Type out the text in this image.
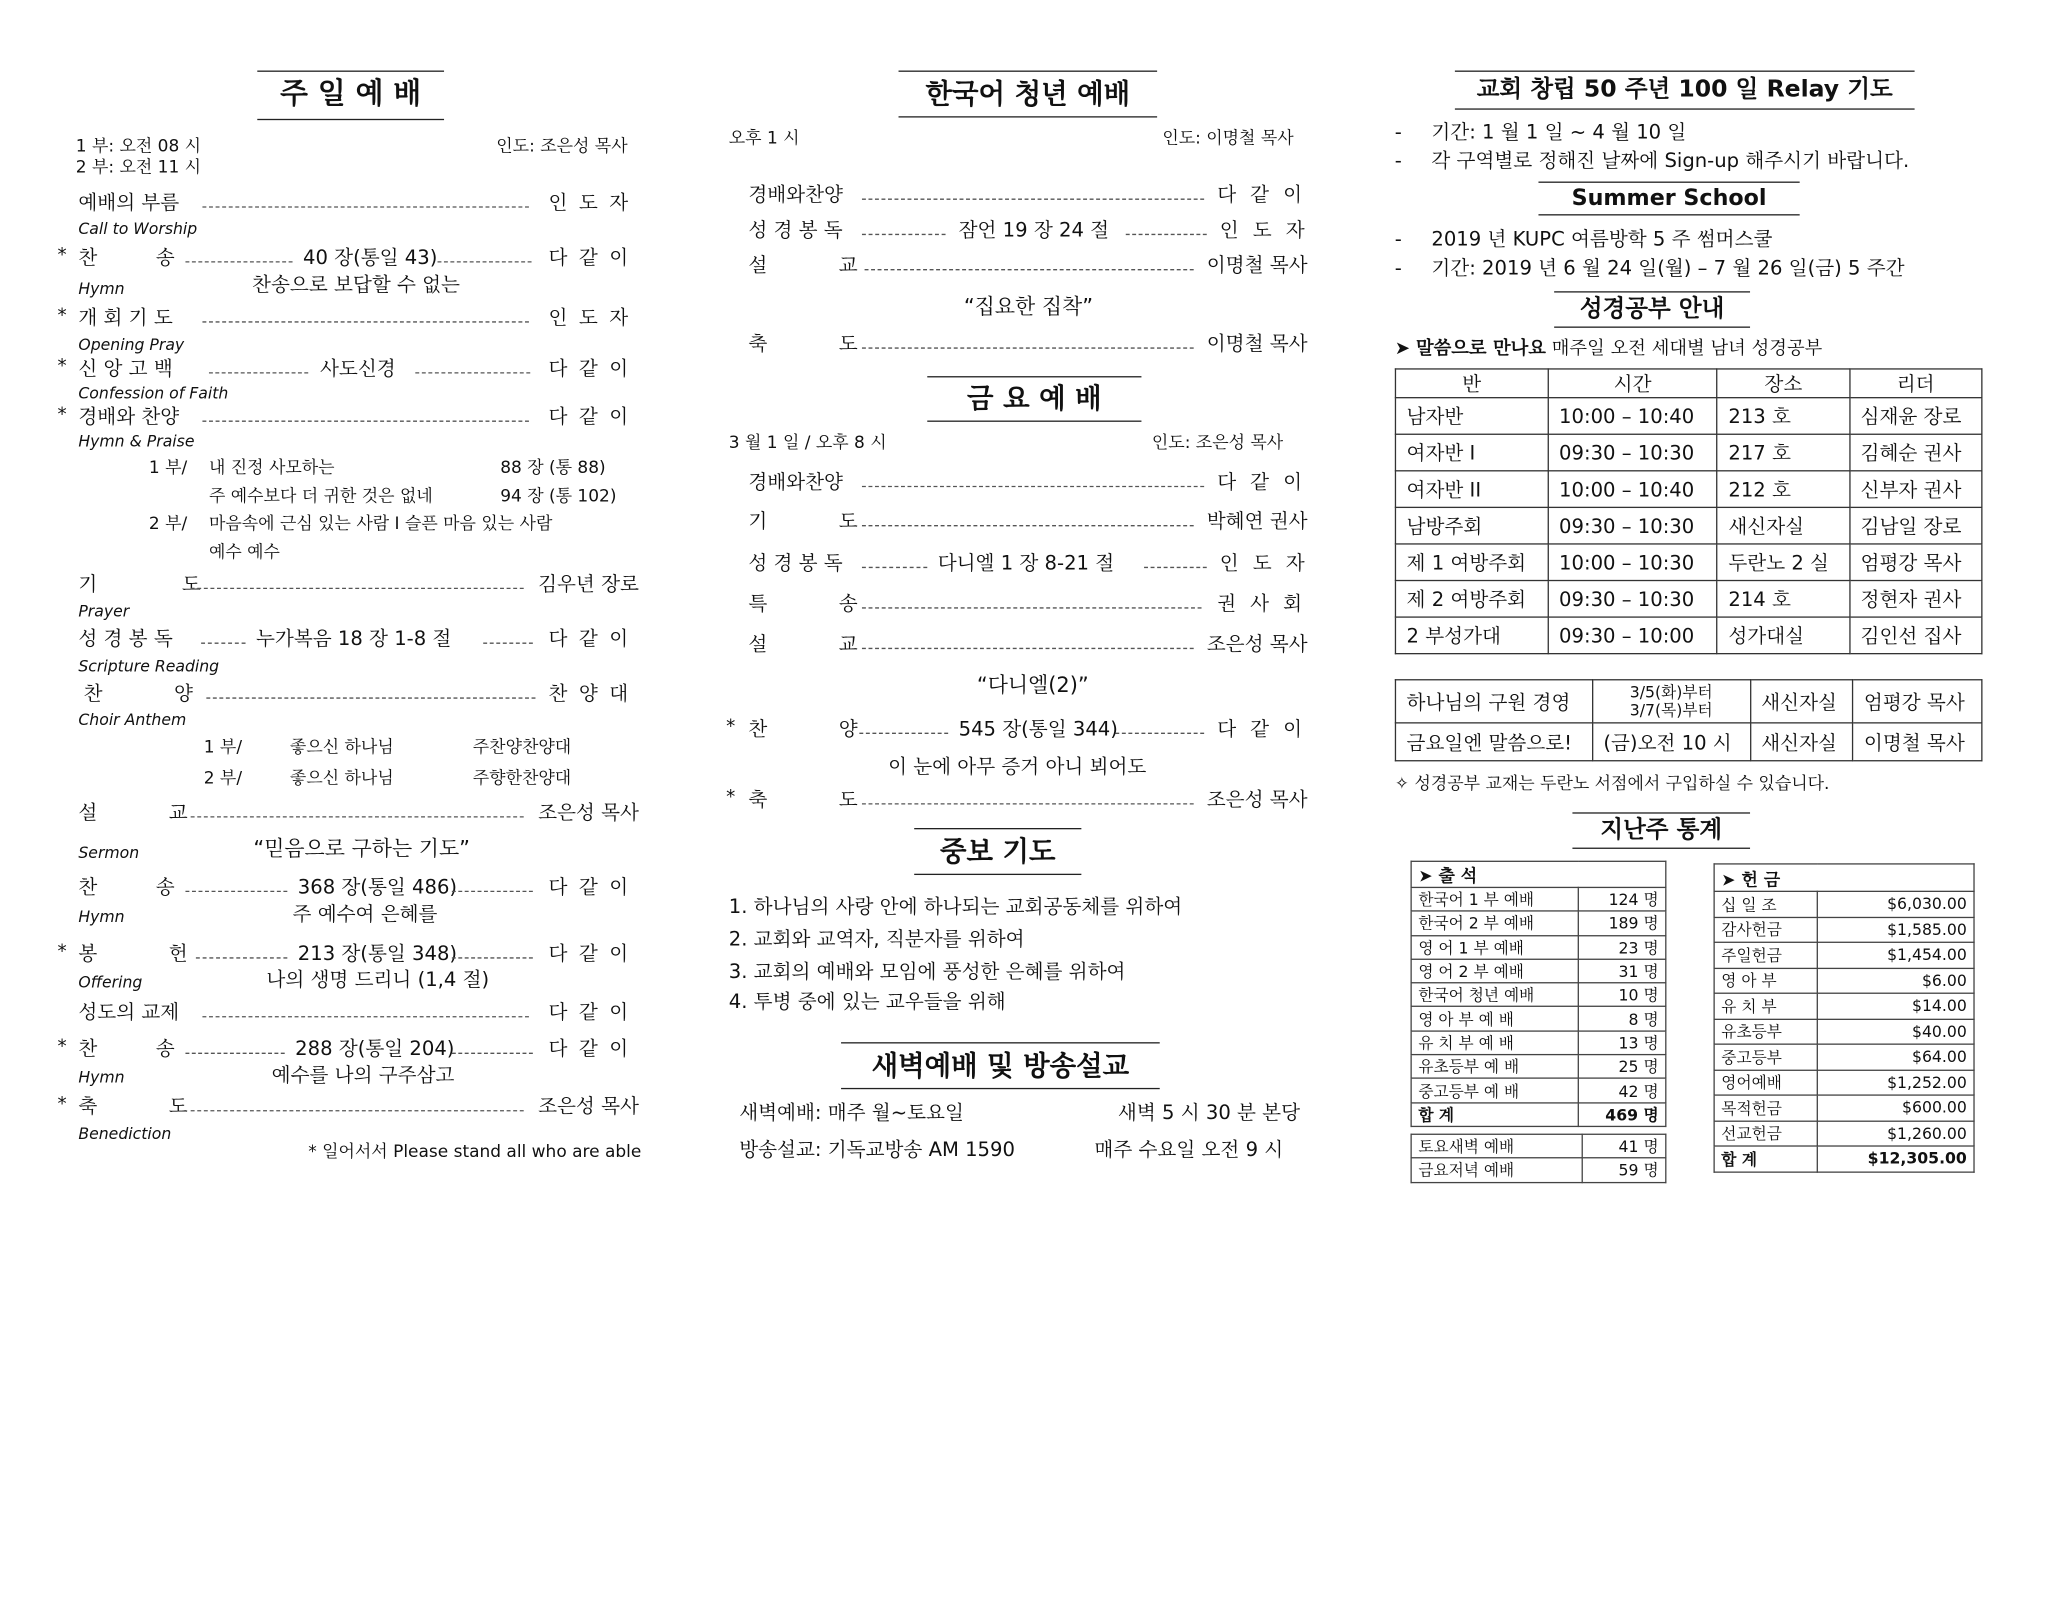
주 일 예 배
1 부: 오전 08 시
2 부: 오전 11 시
인도: 조은성 목사
예배의 부름	인 도 자
Call to Worship
* 찬 송	40 장(통일 43)	다 같 이
Hymn	찬송으로 보답할 수 없는
* 개 회 기 도	인 도 자
Opening Pray
* 신 앙 고 백	사도신경	다 같 이
Confession of Faith
* 경배와 찬양	다 같 이
Hymn & Praise
1 부/ 내 진정 사모하는	88 장 (통 88)
주 예수보다 더 귀한 것은 없네	94 장 (통 102)
2 부/ 마음속에 근심 있는 사람 I 슬픈 마음 있는 사람
예수 예수
기 도	김우년 장로
Prayer
성 경 봉 독	누가복음 18 장 1-8 절	다 같 이
Scripture Reading
찬 양	찬 양 대
Choir Anthem
1 부/	좋으신 하나님	주찬양찬양대
2 부/	좋으신 하나님	주향한찬양대
설 교	조은성 목사
Sermon	“믿음으로 구하는 기도”
찬 송	368 장(통일 486)	다 같 이
Hymn	주 예수여 은혜를
* 봉 헌	213 장(통일 348)	다 같 이
Offering	나의 생명 드리니 (1,4 절)
성도의 교제	다 같 이
* 찬 송	288 장(통일 204)	다 같 이
Hymn	예수를 나의 구주삼고
* 축 도	조은성 목사
Benediction
* 일어서서 Please stand all who are able
한국어 청년 예배
오후 1 시	인도: 이명철 목사
경배와찬양	다 같 이
성 경 봉 독	잠언 19 장 24 절	인 도 자
설 교	이명철 목사
“집요한 집착”
축 도	이명철 목사
금 요 예 배
3 월 1 일 / 오후 8 시	인도: 조은성 목사
경배와찬양	다 같 이
기 도	박혜연 권사
성 경 봉 독	다니엘 1 장 8-21 절	인 도 자
특 송	권 사 회
설 교	조은성 목사
“다니엘(2)”
* 찬 양	545 장(통일 344)	다 같 이
이 눈에 아무 증거 아니 뵈어도
* 축 도	조은성 목사
중보 기도
1. 하나님의 사랑 안에 하나되는 교회공동체를 위하여
2. 교회와 교역자, 직분자를 위하여
3. 교회의 예배와 모임에 풍성한 은혜를 위하여
4. 투병 중에 있는 교우들을 위해
새벽예배 및 방송설교
새벽예배: 매주 월~토요일	새벽 5 시 30 분 본당
방송설교: 기독교방송 AM 1590	매주 수요일 오전 9 시
교회 창립 50 주년 100 일 Relay 기도
- 기간: 1 월 1 일 ~ 4 월 10 일
- 각 구역별로 정해진 날짜에 Sign-up 해주시기 바랍니다.
Summer School
- 2019 년 KUPC 여름방학 5 주 썸머스쿨
- 기간: 2019 년 6 월 24 일(월) – 7 월 26 일(금) 5 주간
성경공부 안내
➤ 말씀으로 만나요 매주일 오전 세대별 남녀 성경공부
반	시간	장소	리더
남자반	10:00 – 10:40	213 호	심재윤 장로
여자반 I	09:30 – 10:30	217 호	김혜순 권사
여자반 II	10:00 – 10:40	212 호	신부자 권사
남방주회	09:30 – 10:30	새신자실	김남일 장로
제 1 여방주회	10:00 – 10:30	두란노 2 실	엄평강 목사
제 2 여방주회	09:30 – 10:30	214 호	정현자 권사
2 부성가대	09:30 – 10:00	성가대실	김인선 집사
하나님의 구원 경영	3/5(화)부터
3/7(목)부터	새신자실	엄평강 목사
금요일엔 말씀으로!	(금)오전 10 시	새신자실	이명철 목사
✧ 성경공부 교재는 두란노 서점에서 구입하실 수 있습니다.
지난주 통계
➤ 출 석	
한국어 1 부 예배	124 명
한국어 2 부 예배	189 명
영 어 1 부 예배	23 명
영 어 2 부 예배	31 명
한국어 청년 예배	10 명
영 아 부 예 배	8 명
유 치 부 예 배	13 명
유초등부 예 배	25 명
중고등부 예 배	42 명
합 계	469 명
토요새벽 예배	41 명
금요저녁 예배	59 명
➤ 헌 금	
십 일 조	$6,030.00
감사헌금	$1,585.00
주일헌금	$1,454.00
영 아 부	$6.00
유 치 부	$14.00
유초등부	$40.00
중고등부	$64.00
영어예배	$1,252.00
목적헌금	$600.00
선교헌금	$1,260.00
합 계	$12,305.00
